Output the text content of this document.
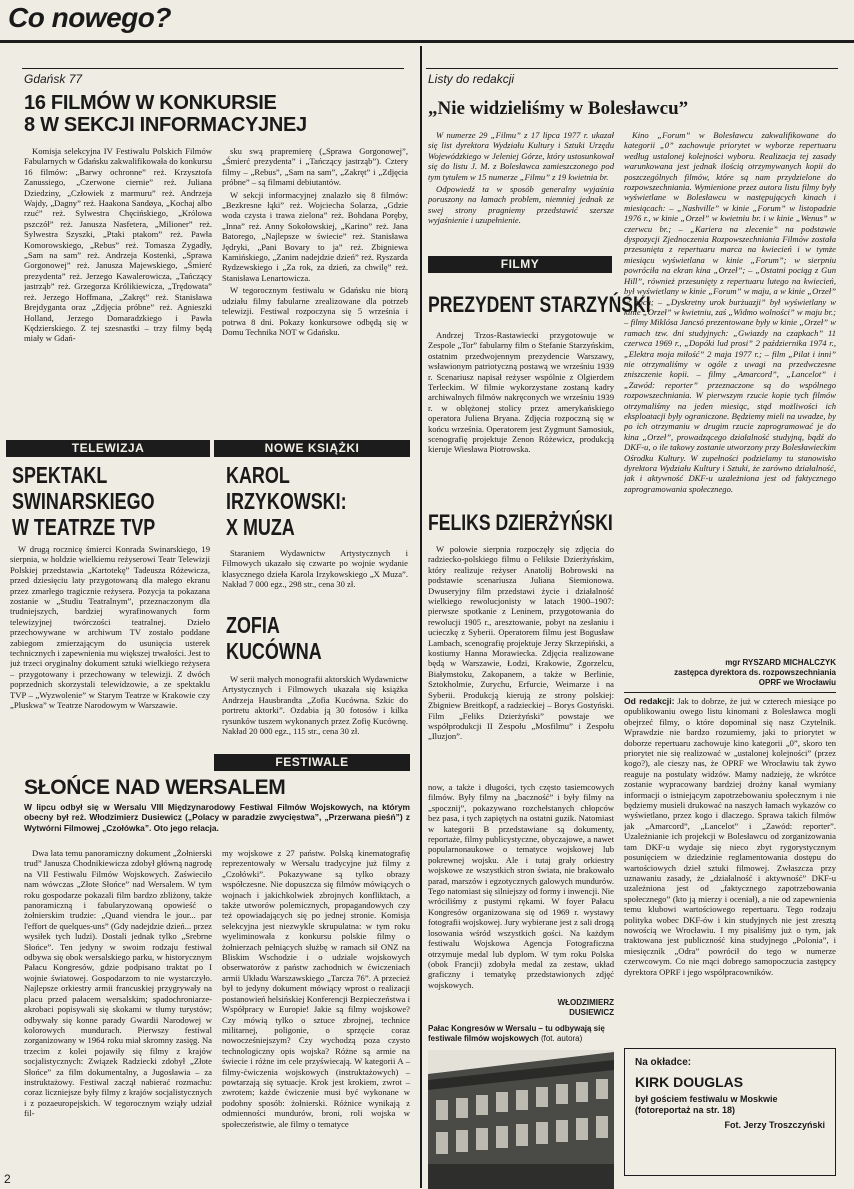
Co nowego?
Gdańsk 77
16 FILMÓW W KONKURSIE
8 W SEKCJI INFORMACYJNEJ
Komisja selekcyjna IV Festiwalu Polskich Filmów Fabularnych w Gdańsku zakwalifikowała do konkursu 16 filmów: „Barwy ochronne” reż. Krzysztofa Zanussiego, „Czerwone ciernie” reż. Juliana Dziedziny, „Człowiek z marmuru” reż. Andrzeja Wajdy, „Dagny” reż. Haakona Sandøya, „Kochaj albo rzuć” reż. Sylwestra Chęcińskiego, „Królowa pszczół” reż. Janusza Nasfetera, „Milioner” reż. Sylwestra Szyszki, „Ptaki ptakom” reż. Pawła Komorowskiego, „Rebus” reż. Tomasza Zygadły, „Sam na sam” reż. Andrzeja Kostenki, „Sprawa Gorgonowej” reż. Janusza Majewskiego, „Śmierć prezydenta” reż. Jerzego Kawalerowicza, „Tańczący jastrząb” reż. Grzegorza Królikiewicza, „Trędowata” reż. Jerzego Hoffmana, „Zakręt” reż. Stanisława Brejdyganta oraz „Zdjęcia próbne” reż. Agnieszki Holland, Jerzego Domaradzkiego i Pawła Kędzierskiego. Z tej szesnastki – trzy filmy będą miały w Gdań-

sku swą prapremierę („Sprawa Gorgonowej”, „Śmierć prezydenta” i „Tańczący jastrząb”). Cztery filmy – „Rebus”, „Sam na sam”, „Zakręt” i „Zdjęcia próbne” – są filmami debiutantów.

W sekcji informacyjnej znalazło się 8 filmów: „Bezkresne łąki” reż. Wojciecha Solarza, „Gdzie woda czysta i trawa zielona” reż. Bohdana Poręby, „Inna” reż. Anny Sokołowskiej, „Karino” reż. Jana Batorego, „Najlepsze w świecie” reż. Stanisława Jędryki, „Pani Bovary to ja” reż. Zbigniewa Kamińskiego, „Zanim nadejdzie dzień” reż. Ryszarda Rydzewskiego i „Za rok, za dzień, za chwilę” reż. Stanisława Lenartowicza.

W tegorocznym festiwalu w Gdańsku nie biorą udziału filmy fabularne zrealizowane dla potrzeb telewizji. Festiwal rozpoczyna się 5 września i potrwa 8 dni. Pokazy konkursowe odbędą się w Domu Technika NOT w Gdańsku.

TELEWIZJA
SPEKTAKL
SWINARSKIEGO
W TEATRZE TVP
W drugą rocznicę śmierci Konrada Swinarskiego, 19 sierpnia, w holdzie wielkiemu reżyserowi Teatr Telewizji Polskiej przedstawia „Kartotekę” Tadeusza Różewicza, przed dziesięciu laty przygotowaną dla małego ekranu przez zmarłego tragicznie reżysera. Pozycja ta pokazana zostanie w „Studiu Teatralnym”, przeznaczonym dla trudniejszych, bardziej wyrafinowanych form telewizyjnej twórczości teatralnej. Dzieło przechowywane w archiwum TV zostało poddane zabiegom zmierzającym do usunięcia usterek technicznych i zapewnienia mu większej trwałości. Jest to już trzeci oryginalny dokument sztuki wielkiego reżysera – przygotowany i przechowany w telewizji. Z dwóch poprzednich skorzystali telewidzowie, a ze spektaklu TVP – „Wyzwolenie” w Starym Teatrze w Krakowie czy „Pluskwa” w Teatrze Narodowym w Warszawie.
NOWE KSIĄŻKI
KAROL
IRZYKOWSKI:
X MUZA
Staraniem Wydawnictw Artystycznych i Filmowych ukazało się czwarte po wojnie wydanie klasycznego dzieła Karola Irzykowskiego „X Muza”. Nakład 7 000 egz., 298 str., cena 30 zł.
ZOFIA
KUCÓWNA
W serii małych monografii aktorskich Wydawnictw Artystycznych i Filmowych ukazała się książka Andrzeja Hausbrandta „Zofia Kucówna. Szkic do portretu aktorki”. Ozdabia ją 30 fotosów i kilka rysunków tuszem wykonanych przez Zofię Kucównę. Nakład 20 000 egz., 115 str., cena 30 zł.
FESTIWALE
SŁOŃCE NAD WERSALEM
W lipcu odbył się w Wersalu VIII Międzynarodowy Festiwal Filmów Wojskowych, na którym obecny był reż. Włodzimierz Dusiewicz („Polacy w paradzie zwycięstwa”, „Przerwana pieśń”) z Wytwórni Filmowej „Czołówka”. Oto jego relacja.
Dwa lata temu panoramiczny dokument „Żołnierski trud” Janusza Chodnikiewicza zdobył główną nagrodę na VII Festiwalu Filmów Wojskowych. Zaświeciło nam wówczas „Złote Słońce” nad Wersalem. W tym roku gospodarze pokazali film bardzo zbliżony, także panoramiczną i fabularyzowaną opowieść o żołnierskim trudzie: „Quand viendra le jour... par l'effort de quelques-uns” (Gdy nadejdzie dzień... przez wysiłek tych ludzi). Dostali jednak tylko „Srebrne Słońce”. Ten jedyny w swoim rodzaju festiwal odbywa się obok wersalskiego parku, w historycznym Pałacu Kongresów, gdzie podpisano traktat po I wojnie światowej. Gospodarzom to nie wystarczyło. Najlepsze orkiestry armii francuskiej przygrywały na placu przed pałacem wersalskim; spadochroniarze-akrobaci popisywali się skokami w tłumy turystów; odbywały się konne parady Gwardii Narodowej w kolorowych mundurach. Pierwszy festiwal zorganizowany w 1964 roku miał skromny zasięg. Na trzecim z kolei pojawiły się filmy z krajów socjalistycznych: Związek Radziecki zdobył „Złote Słońce” za film dokumentalny, a Jugosławia – za instruktażowy. Festiwal zaczął nabierać rozmachu: coraz liczniejsze były filmy z krajów socjalistycznych i z pozaeuropejskich. W tegorocznym wziąły udział fil-
my wojskowe z 27 państw. Polską kinematografię reprezentowały w Wersalu tradycyjne już filmy z „Czołówki”. Pokazywane są tylko obrazy współczesne. Nie dopuszcza się filmów mówiących o wojnach i jakichkolwiek zbrojnych konfliktach, a także utworów polemicznych, propagandowych czy też opowiadających się po jednej stronie. Komisja selekcyjna jest niezwykle skrupulatna: w tym roku wyeliminowała z konkursu polskie filmy o żołnierzach pełniących służbę w ramach sił ONZ na Bliskim Wschodzie i o udziale wojskowych obserwatorów z państw zachodnich w ćwiczeniach armii Układu Warszawskiego „Tarcza 76”. A przecież był to jedyny dokument mówiący wprost o realizacji postanowień helsińskiej Konferencji Bezpieczeństwa i Współpracy w Europie! Jakie są filmy wojskowe? Czy mówią tylko o sztuce zbrojnej, technice militarnej, poligonie, o sprzęcie coraz nowocześniejszym? Czy wychodzą poza czysto technologiczny opis wojska? Różne są armie na świecie i różne im cele przyświecają. W kategorii A – filmy-ćwiczenia wojskowych (instruktażowych) – powtarzają się sytuacje. Krok jest krokiem, zwrot – zwrotem; każde ćwiczenie musi być wykonane w podobny sposób: żołnierski. Różnice wynikają z odmienności mundurów, broni, roli wojska w społeczeństwie, ale filmy o tematyce
2
Listy do redakcji
„Nie widzieliśmy w Bolesławcu”

W numerze 29 „Filmu” z 17 lipca 1977 r. ukazał się list dyrektora Wydziału Kultury i Sztuki Urzędu Wojewódzkiego w Jeleniej Górze, który ustosunkował się do listu J. M. z Bolesławca zamieszczonego pod tym tytułem w 15 numerze „Filmu” z 19 kwietnia br.

Odpowiedź ta w sposób generalny wyjaśnia poruszony na łamach problem, niemniej jednak ze swej strony pragniemy przedstawić szersze wyjaśnienie i uzupełnienie.

Kino „Forum” w Bolesławcu zakwalifikowane do kategorii „0” zachowuje priorytet w wyborze repertuaru według ustalonej kolejności wyboru. Realizacja tej zasady warunkowana jest jednak ilością otrzymywanych kopii do poszczególnych filmów, które są nam przydzielone do rozpowszechniania. Wymienione przez autora listu filmy były wyświetlane w Bolesławcu w następujących kinach i miesiącach: – „Nashville” w kinie „Forum” w listopadzie 1976 r., w kinie „Orzeł” w kwietniu br. i w kinie „Wenus” w czerwcu br.; – „Kariera na zlecenie” na podstawie dyspozycji Zjednoczenia Rozpowszechniania Filmów została przesunięta z repertuaru marca na kwiecień i w tymże miesiącu wyświetlana w kinie „Forum”; w sierpniu powróciła na ekran kina „Orzeł”; – „Ostatni pociąg z Gun Hill”, również przesunięty z repertuaru lutego na kwiecień, był wyświetlany w kinie „Forum” w maju, a w kinie „Orzeł” w lipcu; – „Dyskretny urok burżuazji” był wyświetlany w kinie „Orzeł” w kwietniu, zaś „Widmo wolności” w maju br.; – filmy Miklósa Jancsó prezentowane były w kinie „Orzeł” w ramach tzw. dni studyjnych: „Gwiazdy na czapkach” 11 czerwca 1969 r., „Dopóki lud prosi” 2 października 1974 r., „Elektra moja miłość” 2 maja 1977 r.; – film „Pilat i inni” nie otrzymaliśmy w ogóle z uwagi na przedwczesne zniszczenie kopii. – filmy „Amarcord”, „Lancelot” i „Zawód: reporter” przeznaczone są do wspólnego rozpowszechniania. W pierwszym rzucie kopie tych filmów otrzymaliśmy na jeden miesiąc, stąd możliwości ich eksploatacji były ograniczone. Będziemy mieli na uwadze, by po ich otrzymaniu w drugim rzucie zaprogramować je do kina „Orzeł”, prowadzącego działalność studyjną, bądź do DKF-u, o ile takowy zostanie utworzony przy Bolesławieckim Ośrodku Kultury. W zupełności podzielamy tu stanowisko dyrektora Wydziału Kultury i Sztuki, że zarówno działalność, jak i aktywność DKF-u uzależniona jest od faktycznego zaprogramowania społecznego.
mgr RYSZARD MICHALCZYK
zastępca dyrektora ds. rozpowszechniania
OPRF we Wrocławiu
Od redakcji: Jak to dobrze, że już w czterech miesiące po opublikowaniu owego listu kinomani z Bolesławca mogli obejrzeć filmy, o które dopominał się nasz Czytelnik. Wprawdzie nie bardzo rozumiemy, jaki to priorytet w doborze repertuaru zachowuje kino kategorii „0”, skoro ten priorytet nie się realizować w „ustalonej kolejności” (przez kogo?), ale cieszy nas, że OPRF we Wrocławiu tak żywo reaguje na postulaty widzów. Mamy nadzieję, że wkrótce zostanie wypracowany bardziej drożny kanał wymiany informacji o istniejącym zapotrzebowaniu społecznym i nie będziemy musieli drukować na naszych łamach wykazów co wyświetlano, przez kogo i dlaczego. Sprawa takich filmów jak „Amarcord”, „Lancelot” i „Zawód: reporter”. Uzależnianie ich projekcji w Bolesławcu od zorganizowania tam DKF-u wydaje się nieco zbyt rygorystycznym posunięciem w dziedzinie reglamentowania dostępu do wartościowych dzieł sztuki filmowej. Zwłaszcza przy uznawaniu zasady, że „działalność i aktywność” DKF-u uzależniona jest od „faktycznego zapotrzebowania społecznego” (kto ją mierzy i oceniał), a nie od zapewnienia temu klubowi wartościowego repertuaru. Tego rodzaju polityka wobec DKF-ów i kin studyjnych nie jest zresztą nowością we Wrocławiu. I my pisaliśmy już o tym, jak traktowana jest publiczność kina studyjnego „Polonia”, i miesięcznik „Odra” powrócił do tego w numerze czerwcowym. Co nie mąci dobrego samopoczucia zastępcy dyrektora OPRF i jego współpracowników.
FILMY
PREZYDENT STARZYŃSKI
Andrzej Trzos-Rastawiecki przygotowuje w Zespole „Tor” fabularny film o Stefanie Starzyńskim, ostatnim przedwojennym prezydencie Warszawy, wsławionym patriotyczną postawą we wrześniu 1939 r. Scenariusz napisał reżyser wspólnie z Olgierdem Terleckim. W filmie wykorzystane zostaną kadry archiwalnych filmów nakręconych we wrześniu 1939 r. w oblężonej stolicy przez amerykańskiego operatora Juliena Bryana. Zdjęcia rozpoczną się w końcu września. Operatorem jest Zygmunt Samosiuk, scenografię projektuje Zenon Różewicz, produkcją kieruje Wiesława Piotrowska.
FELIKS DZIERŻYŃSKI
W połowie sierpnia rozpoczęły się zdjęcia do radziecko-polskiego filmu o Feliksie Dzierżyńskim, który realizuje reżyser Anatolij Bobrowski na podstawie scenariusza Juliana Siemionowa. Dwuseryjny film przedstawi życie i działalność wielkiego rewolucjonisty w latach 1900–1907: pierwsze spotkanie z Leninem, przygotowania do rewolucji 1905 r., aresztowanie, pobyt na zesłaniu i ucieczkę z Syberii. Operatorem filmu jest Bogusław Lambach, scenografię projektuje Jerzy Skrzepiński, a kostiumy Hanna Morawiecka. Zdjęcia realizowane będą w Warszawie, Łodzi, Krakowie, Zgorzelcu, Białymstoku, Zakopanem, a także w Berlinie, Sztokholmie, Zurychu, Erfurcie, Weimarze i na Syberii. Produkcją kierują ze strony polskiej: Zbigniew Breitkopf, a radzieckiej – Borys Gostyński. Film „Feliks Dzierżyński” powstaje we współprodukcji II Zespołu „Mosfilmu” i Zespołu „Iluzjon”.
now, a także i długości, tych często tasiemcowych filmów. Były filmy na „baczność” i były filmy na „spocznij”, pokazywano rozchełstanych chłopców bez pasa, i tych zapiętych na ostatni guzik. Natomiast w kategorii B przedstawiane są dokumenty, reportaże, filmy publicystyczne, obyczajowe, a nawet popularnonaukowe o tematyce wojskowej lub pokrewnej wojsku. Ale i tutaj grały orkiestry wojskowe ze wszystkich stron świata, nie brakowało parad, marszów i egzotycznych galowych mundurów. Tego natomiast się silniejszy od formy i inwencji. Nie wróciliśmy z pustymi rękami. W foyer Pałacu Kongresów organizowana się od 1969 r. wystawy fotografii wojskowej. Jury wybierane jest z sali drogą losowania wśród wszystkich gości. Na każdym festiwalu Wojskowa Agencja Fotograficzna otrzymuje medal lub dyplom. W tym roku Polska (obok Francji) zdobyła medal za zestaw, układ graficzny i tematykę przedstawionych zdjęć wojskowych.
WŁODZIMIERZ
DUSIEWICZ
Pałac Kongresów w Wersalu – tu odbywają się festiwale filmów wojskowych (fot. autora)
Na okładce:
KIRK DOUGLAS
był gościem festiwalu w Moskwie (fotoreportaż na str. 18)
Fot. Jerzy Troszczyński
